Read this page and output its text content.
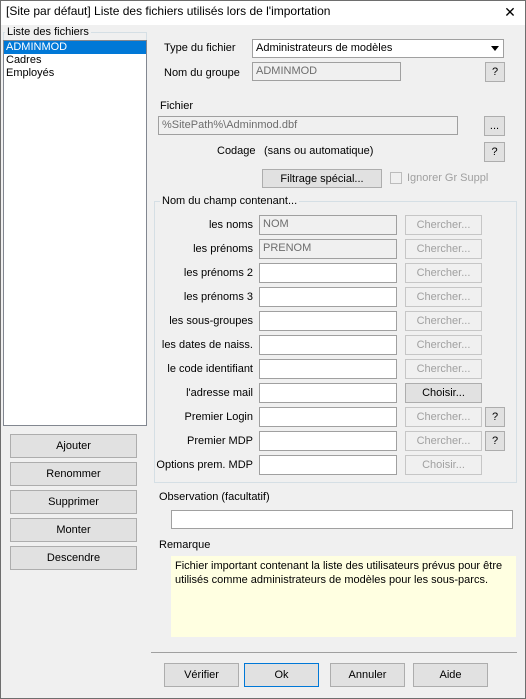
[Site par défaut] Liste des fichiers utilisés lors de l'importation	✕
Liste des fichiers
ADMINMOD
Cadres
Employés
Ajouter
Renommer
Supprimer
Monter
Descendre
Type du fichier	Administrateurs de modèles
Nom du groupe	ADMINMOD	?
Fichier
%SitePath%\Adminmod.dbf	...
Codage (sans ou automatique)	?
Filtrage spécial...	Ignorer Gr Suppl
Nom du champ contenant...
les noms NOM	Chercher...
les prénoms PRENOM	Chercher...
les prénoms 2	Chercher...
les prénoms 3	Chercher...
les sous-groupes	Chercher...
les dates de naiss.	Chercher...
le code identifiant	Chercher...
l'adresse mail	Choisir...
Premier Login	Chercher...	?
Premier MDP	Chercher...	?
Options prem. MDP	Choisir...
Observation (facultatif)
Remarque
Fichier important contenant la liste des utilisateurs prévus pour être utilisés comme administrateurs de modèles pour les sous-parcs.
Vérifier	Ok	Annuler	Aide
